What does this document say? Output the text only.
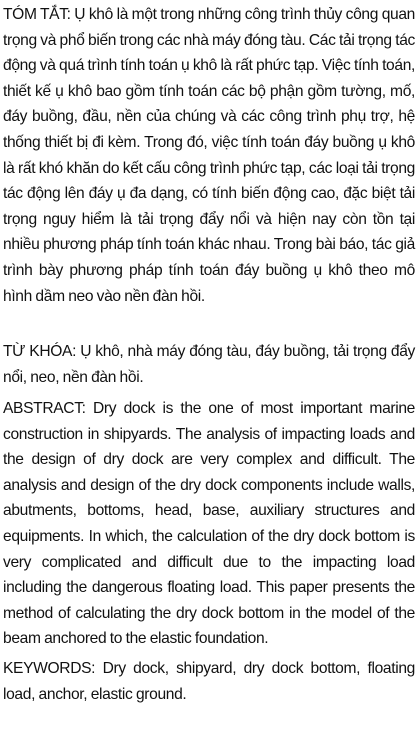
TÓM TẮT: Ụ khô là một trong những công trình thủy công quan trọng và phổ biến trong các nhà máy đóng tàu. Các tải trọng tác động và quá trình tính toán ụ khô là rất phức tạp. Việc tính toán, thiết kế ụ khô bao gồm tính toán các bộ phận gồm tường, mố, đáy buồng, đầu, nền của chúng và các công trình phụ trợ, hệ thống thiết bị đi kèm. Trong đó, việc tính toán đáy buồng ụ khô là rất khó khăn do kết cấu công trình phức tạp, các loại tải trọng tác động lên đáy ụ đa dạng, có tính biến động cao, đặc biệt tải trọng nguy hiểm là tải trọng đẩy nổi và hiện nay còn tồn tại nhiều phương pháp tính toán khác nhau. Trong bài báo, tác giả trình bày phương pháp tính toán đáy buồng ụ khô theo mô hình dầm neo vào nền đàn hồi.

TỪ KHÓA: Ụ khô, nhà máy đóng tàu, đáy buồng, tải trọng đẩy nổi, neo, nền đàn hồi.

ABSTRACT: Dry dock is the one of most important marine construction in shipyards. The analysis of impacting loads and the design of dry dock are very complex and difficult. The analysis and design of the dry dock components include walls, abutments, bottoms, head, base, auxiliary structures and equipments. In which, the calculation of the dry dock bottom is very complicated and difficult due to the impacting load including the dangerous floating load. This paper presents the method of calculating the dry dock bottom in the model of the beam anchored to the elastic foundation.

KEYWORDS: Dry dock, shipyard, dry dock bottom, floating load, anchor, elastic ground.
